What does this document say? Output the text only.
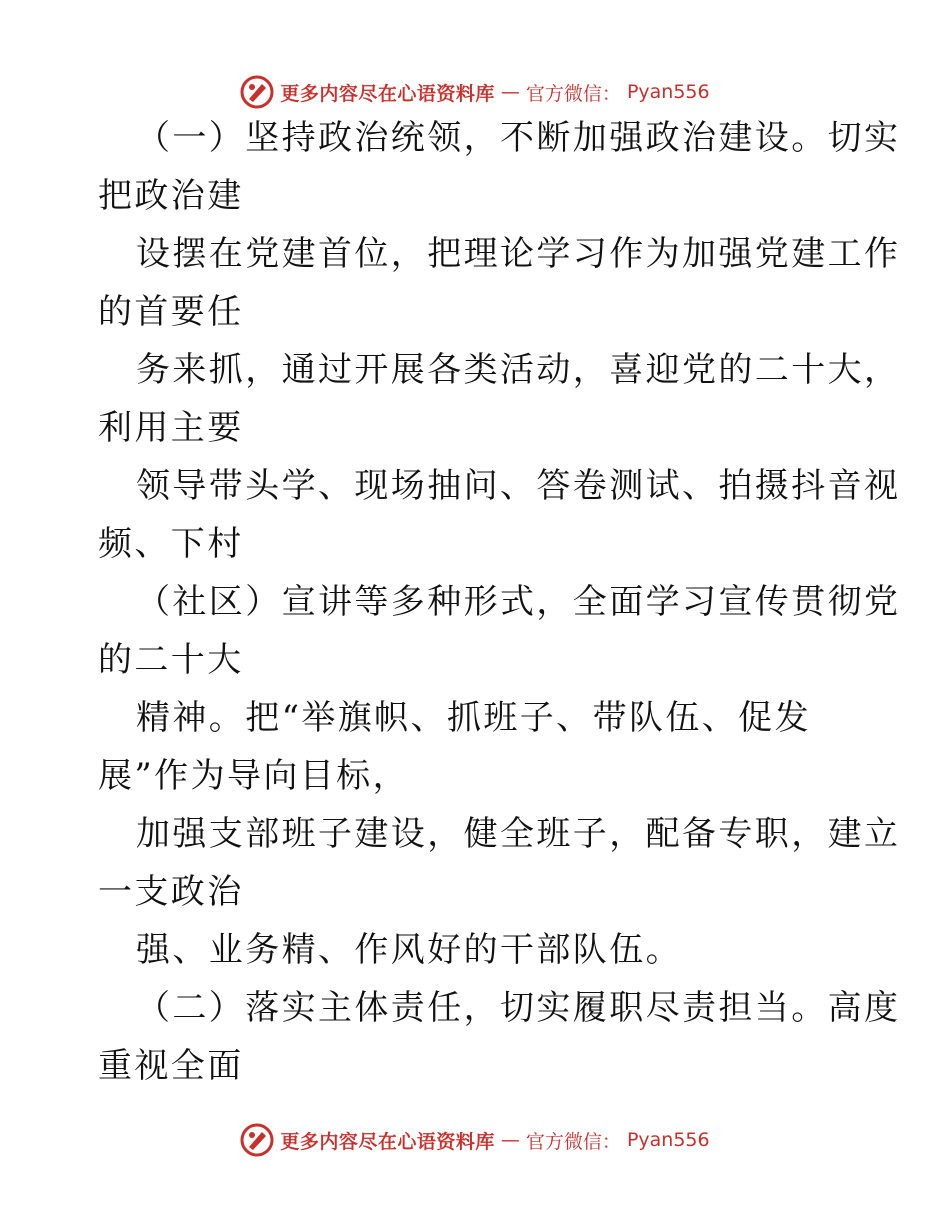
更多内容尽在心语资料库 — 官方微信： Pyan556
（一）坚持政治统领，不断加强政治建设。切实
把政治建
设摆在党建首位，把理论学习作为加强党建工作
的首要任
务来抓，通过开展各类活动，喜迎党的二十大，
利用主要
领导带头学、现场抽问、答卷测试、拍摄抖音视
频、下村
（社区）宣讲等多种形式，全面学习宣传贯彻党
的二十大
精神。把“举旗帜、抓班子、带队伍、促发
展”作为导向目标，
加强支部班子建设，健全班子，配备专职，建立
一支政治
强、业务精、作风好的干部队伍。
（二）落实主体责任，切实履职尽责担当。高度
重视全面
更多内容尽在心语资料库 — 官方微信： Pyan556
